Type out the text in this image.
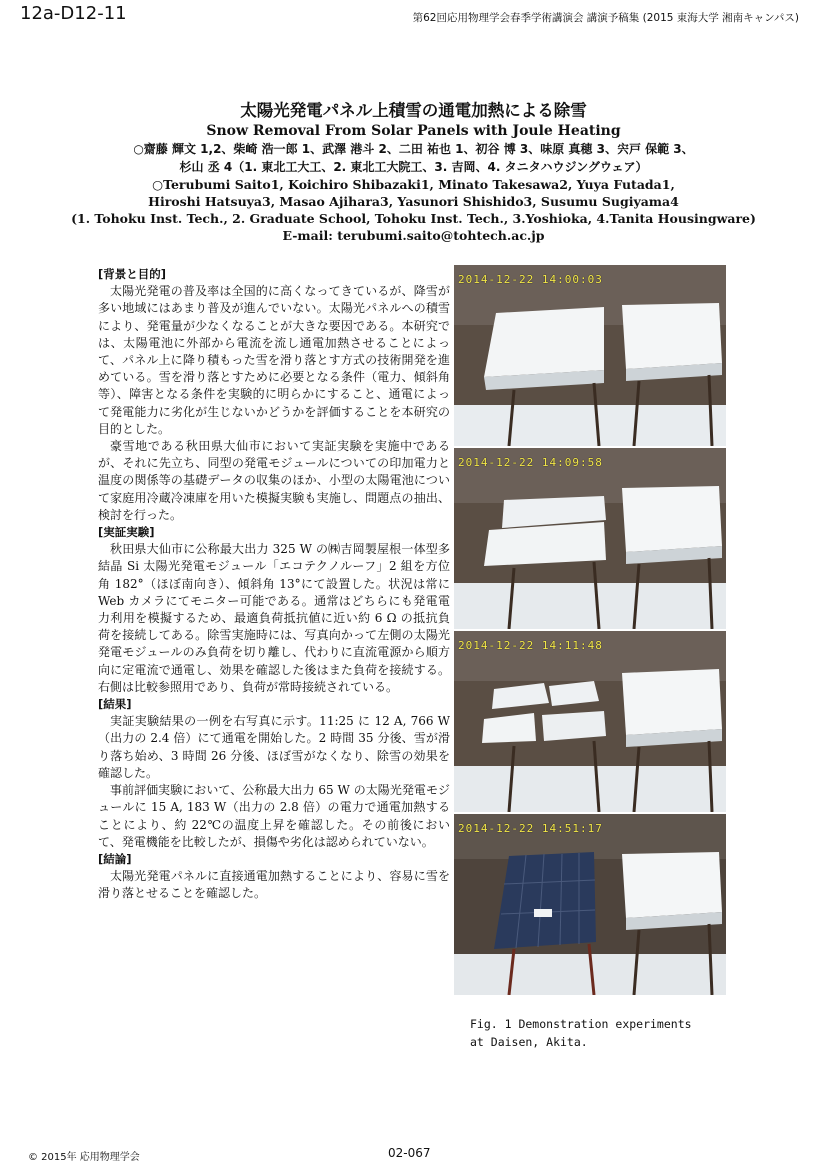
12a-D12-11	第62回応用物理学会春季学術講演会 講演予稿集 (2015 東海大学 湘南キャンパス)
太陽光発電パネル上積雪の通電加熱による除雪
Snow Removal From Solar Panels with Joule Heating
○齋藤 輝文 1,2、柴崎 浩一郎 1、武澤 港斗 2、二田 祐也 1、初谷 博 3、味原 真穂 3、宍戸 保範 3、
杉山 丞 4（1. 東北工大工、2. 東北工大院工、3. 吉岡、4. タニタハウジングウェア）
○Terubumi Saito1, Koichiro Shibazaki1, Minato Takesawa2, Yuya Futada1,
Hiroshi Hatsuya3, Masao Ajihara3, Yasunori Shishido3, Susumu Sugiyama4
(1. Tohoku Inst. Tech., 2. Graduate School, Tohoku Inst. Tech., 3.Yoshioka, 4.Tanita Housingware)
E-mail: terubumi.saito@tohtech.ac.jp
[背景と目的]

太陽光発電の普及率は全国的に高くなってきているが、降雪が多い地域にはあまり普及が進んでいない。太陽光パネルへの積雪により、発電量が少なくなることが大きな要因である。本研究では、太陽電池に外部から電流を流し通電加熱させることによって、パネル上に降り積もった雪を滑り落とす方式の技術開発を進めている。雪を滑り落とすために必要となる条件（電力、傾斜角等）、障害となる条件を実験的に明らかにすること、通電によって発電能力に劣化が生じないかどうかを評価することを本研究の目的とした。

豪雪地である秋田県大仙市において実証実験を実施中であるが、それに先立ち、同型の発電モジュールについての印加電力と温度の関係等の基礎データの収集のほか、小型の太陽電池について家庭用冷蔵冷凍庫を用いた模擬実験も実施し、問題点の抽出、検討を行った。

[実証実験]

秋田県大仙市に公称最大出力 325 W の㈱吉岡製屋根一体型多結晶 Si 太陽光発電モジュール「エコテクノルーフ」2 組を方位角 182°（ほぼ南向き）、傾斜角 13°にて設置した。状況は常に Web カメラにてモニター可能である。通常はどちらにも発電電力利用を模擬するため、最適負荷抵抗値に近い約 6 Ω の抵抗負荷を接続してある。除雪実施時には、写真向かって左側の太陽光発電モジュールのみ負荷を切り離し、代わりに直流電源から順方向に定電流で通電し、効果を確認した後はまた負荷を接続する。右側は比較参照用であり、負荷が常時接続されている。

[結果]

実証実験結果の一例を右写真に示す。11:25 に 12 A, 766 W（出力の 2.4 倍）にて通電を開始した。2 時間 35 分後、雪が滑り落ち始め、3 時間 26 分後、ほぼ雪がなくなり、除雪の効果を確認した。

事前評価実験において、公称最大出力 65 W の太陽光発電モジュールに 15 A, 183 W（出力の 2.8 倍）の電力で通電加熱することにより、約 22℃の温度上昇を確認した。その前後において、発電機能を比較したが、損傷や劣化は認められていない。

[結論]

太陽光発電パネルに直接通電加熱することにより、容易に雪を滑り落とせることを確認した。

2014-12-22 14:00:03
2014-12-22 14:09:58
2014-12-22 14:11:48
2014-12-22 14:51:17
Fig. 1 Demonstration experiments
at Daisen, Akita.
© 2015年 応用物理学会	02-067
